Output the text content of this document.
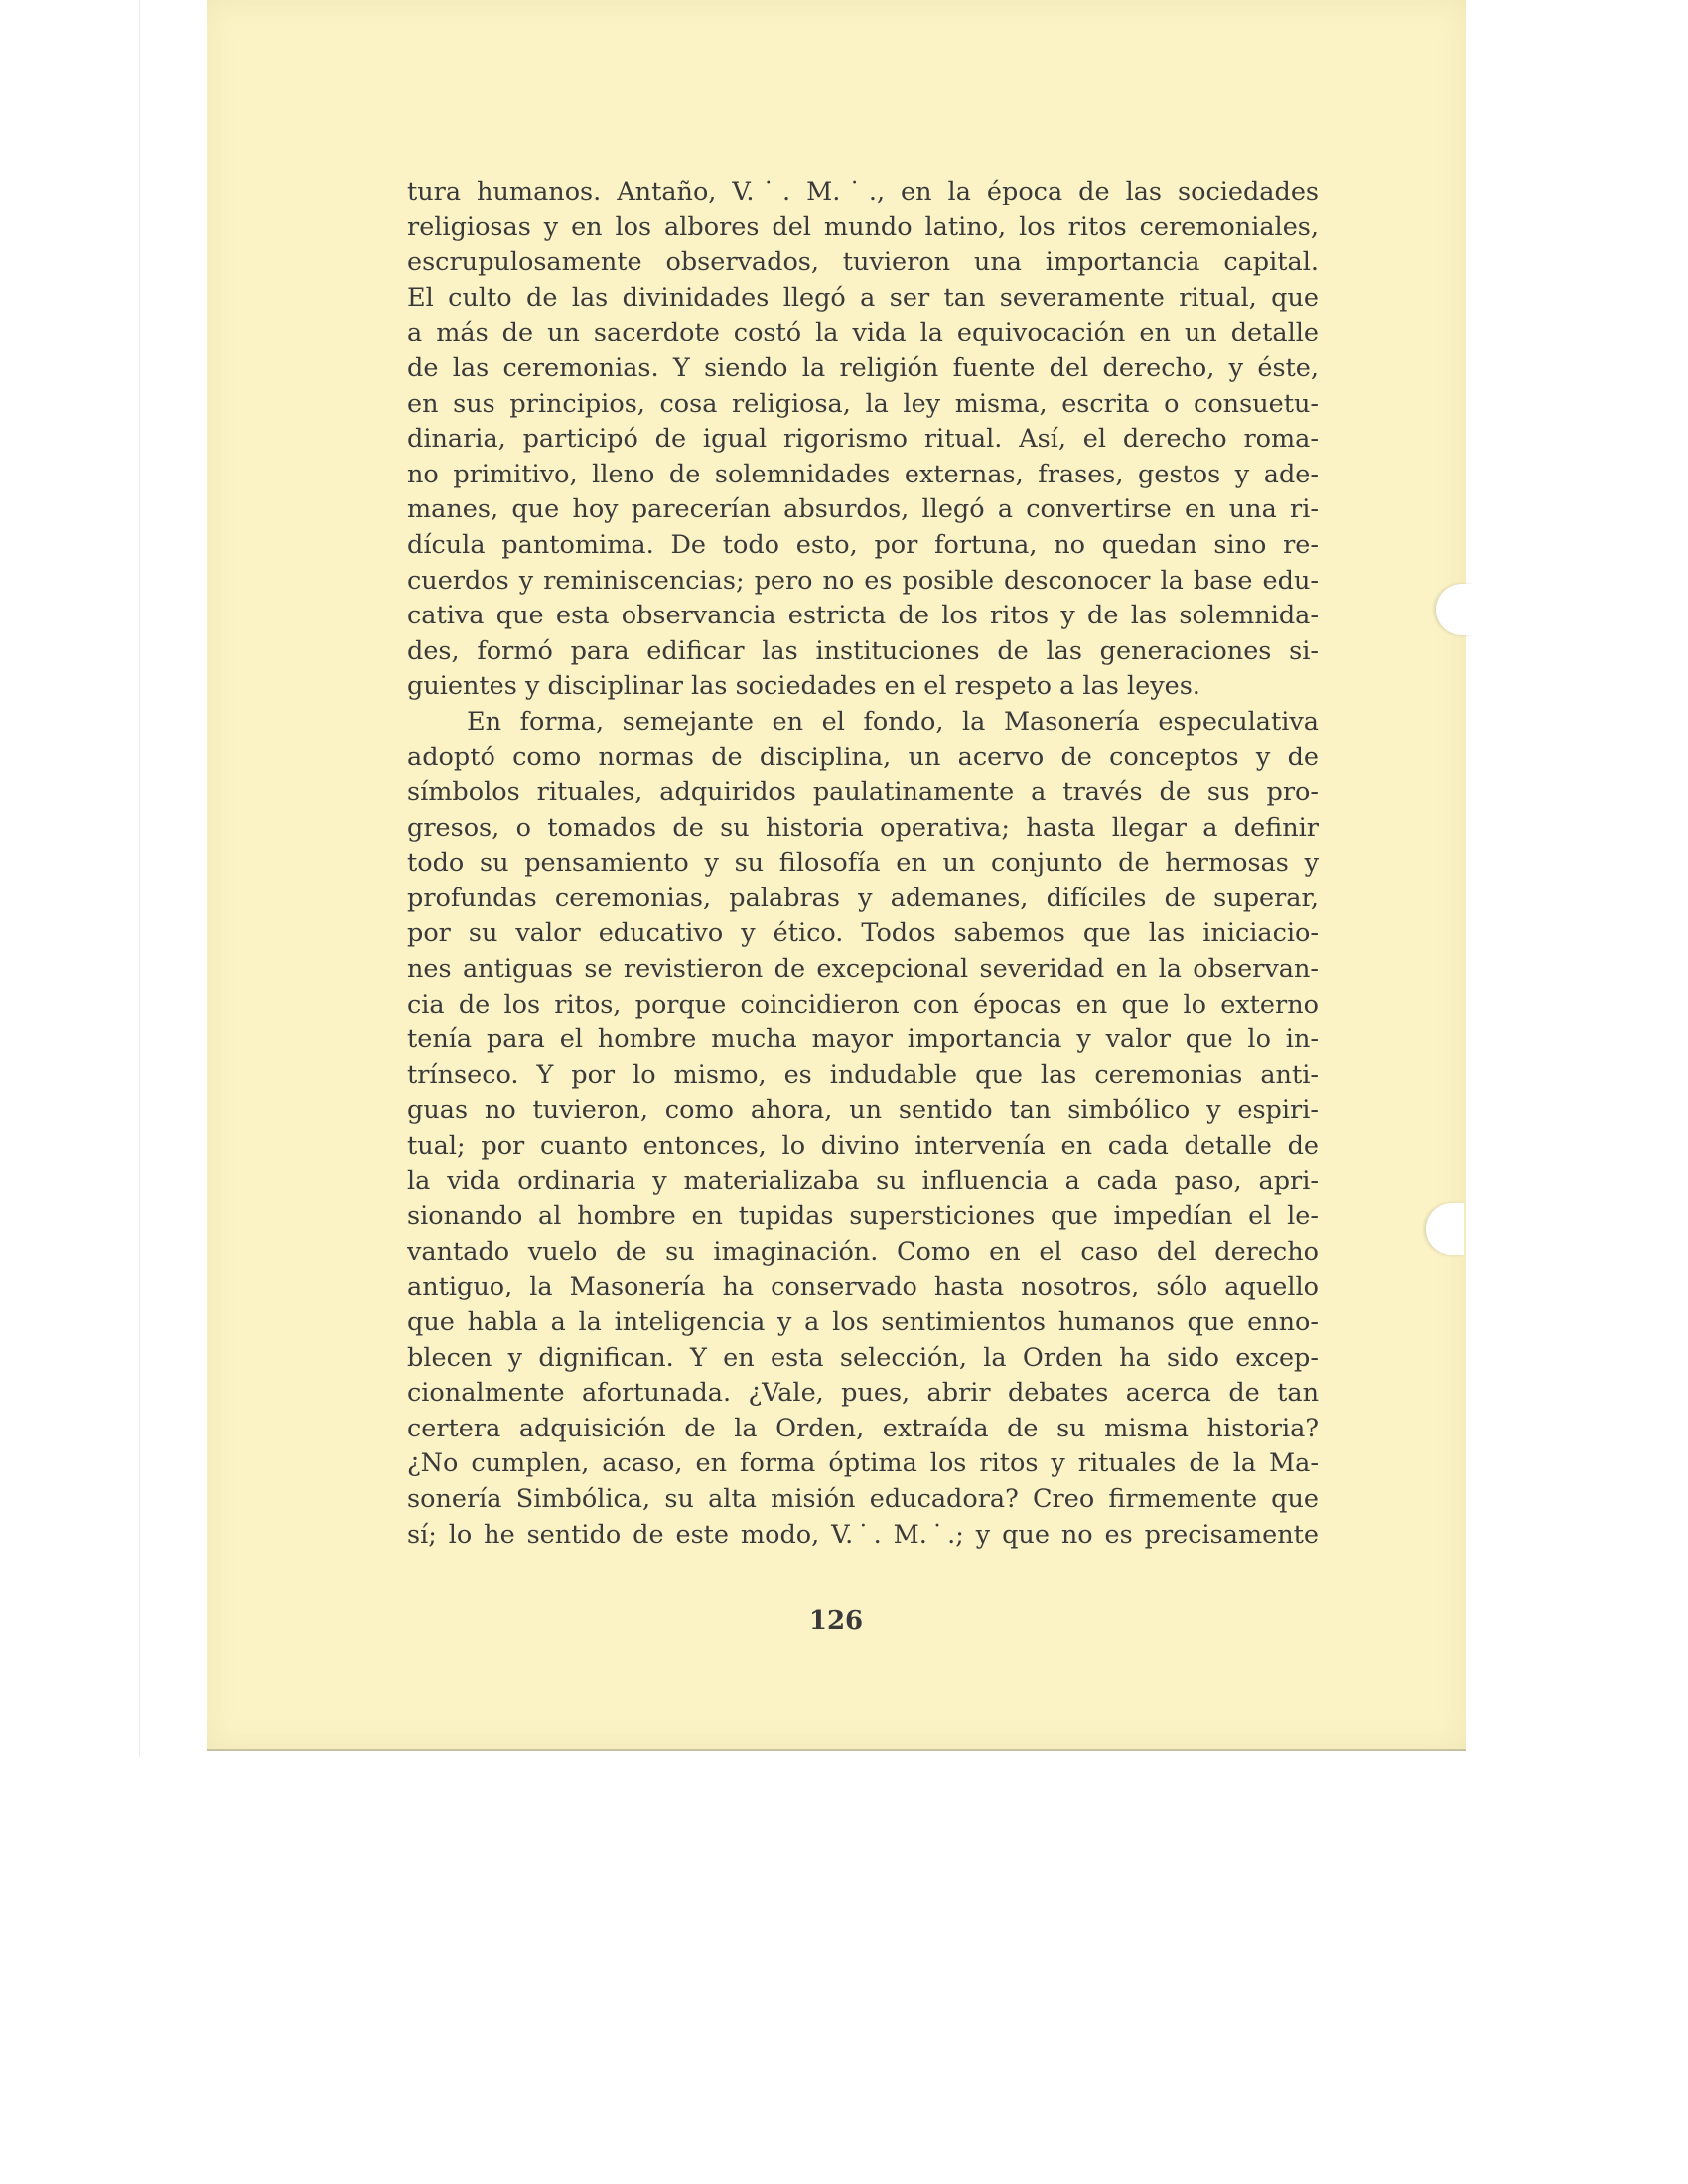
tura humanos. Antaño, V.˙. M.˙., en la época de las sociedades
religiosas y en los albores del mundo latino, los ritos ceremoniales,
escrupulosamente observados, tuvieron una importancia capital.
El culto de las divinidades llegó a ser tan severamente ritual, que
a más de un sacerdote costó la vida la equivocación en un detalle
de las ceremonias. Y siendo la religión fuente del derecho, y éste,
en sus principios, cosa religiosa, la ley misma, escrita o consuetu-
dinaria, participó de igual rigorismo ritual. Así, el derecho roma-
no primitivo, lleno de solemnidades externas, frases, gestos y ade-
manes, que hoy parecerían absurdos, llegó a convertirse en una ri-
dícula pantomima. De todo esto, por fortuna, no quedan sino re-
cuerdos y reminiscencias; pero no es posible desconocer la base edu-
cativa que esta observancia estricta de los ritos y de las solemnida-
des, formó para edificar las instituciones de las generaciones si-
guientes y disciplinar las sociedades en el respeto a las leyes.
En forma, semejante en el fondo, la Masonería especulativa
adoptó como normas de disciplina, un acervo de conceptos y de
símbolos rituales, adquiridos paulatinamente a través de sus pro-
gresos, o tomados de su historia operativa; hasta llegar a definir
todo su pensamiento y su filosofía en un conjunto de hermosas y
profundas ceremonias, palabras y ademanes, difíciles de superar,
por su valor educativo y ético. Todos sabemos que las iniciacio-
nes antiguas se revistieron de excepcional severidad en la observan-
cia de los ritos, porque coincidieron con épocas en que lo externo
tenía para el hombre mucha mayor importancia y valor que lo in-
trínseco. Y por lo mismo, es indudable que las ceremonias anti-
guas no tuvieron, como ahora, un sentido tan simbólico y espiri-
tual; por cuanto entonces, lo divino intervenía en cada detalle de
la vida ordinaria y materializaba su influencia a cada paso, apri-
sionando al hombre en tupidas supersticiones que impedían el le-
vantado vuelo de su imaginación. Como en el caso del derecho
antiguo, la Masonería ha conservado hasta nosotros, sólo aquello
que habla a la inteligencia y a los sentimientos humanos que enno-
blecen y dignifican. Y en esta selección, la Orden ha sido excep-
cionalmente afortunada. ¿Vale, pues, abrir debates acerca de tan
certera adquisición de la Orden, extraída de su misma historia?
¿No cumplen, acaso, en forma óptima los ritos y rituales de la Ma-
sonería Simbólica, su alta misión educadora? Creo firmemente que
sí; lo he sentido de este modo, V.˙. M.˙.; y que no es precisamente
126
